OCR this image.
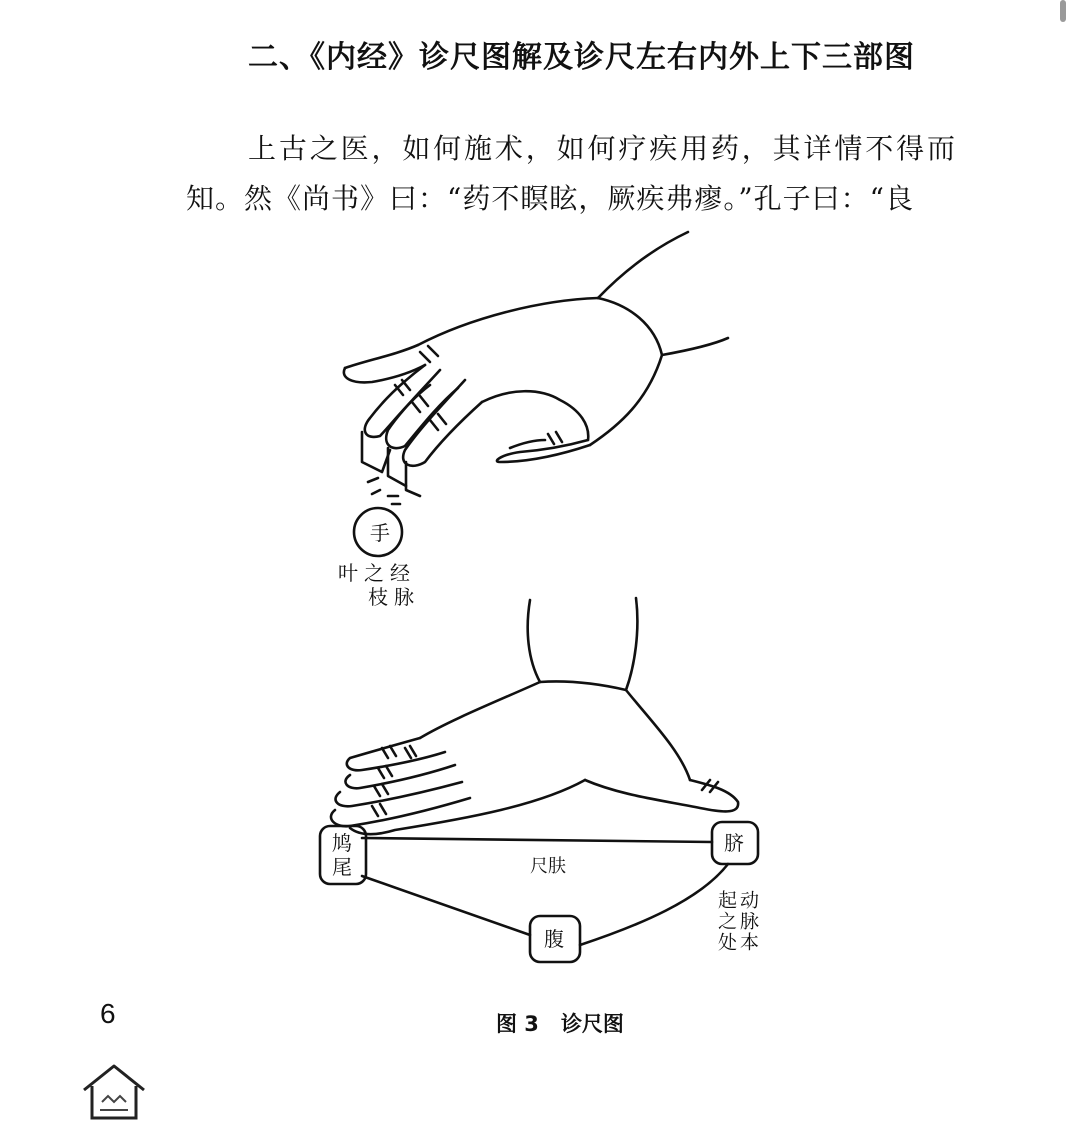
二、《内经》诊尺图解及诊尺左右内外上下三部图

上古之医，如何施术，如何疗疾用药，其详情不得而知。然《尚书》曰：“药不瞑眩，厥疾弗瘳。”孔子曰：“良

手
叶之经
枝脉
鸠
尾
脐
腹
尺肤
动脉本
起之处
图 3 诊尺图
6
